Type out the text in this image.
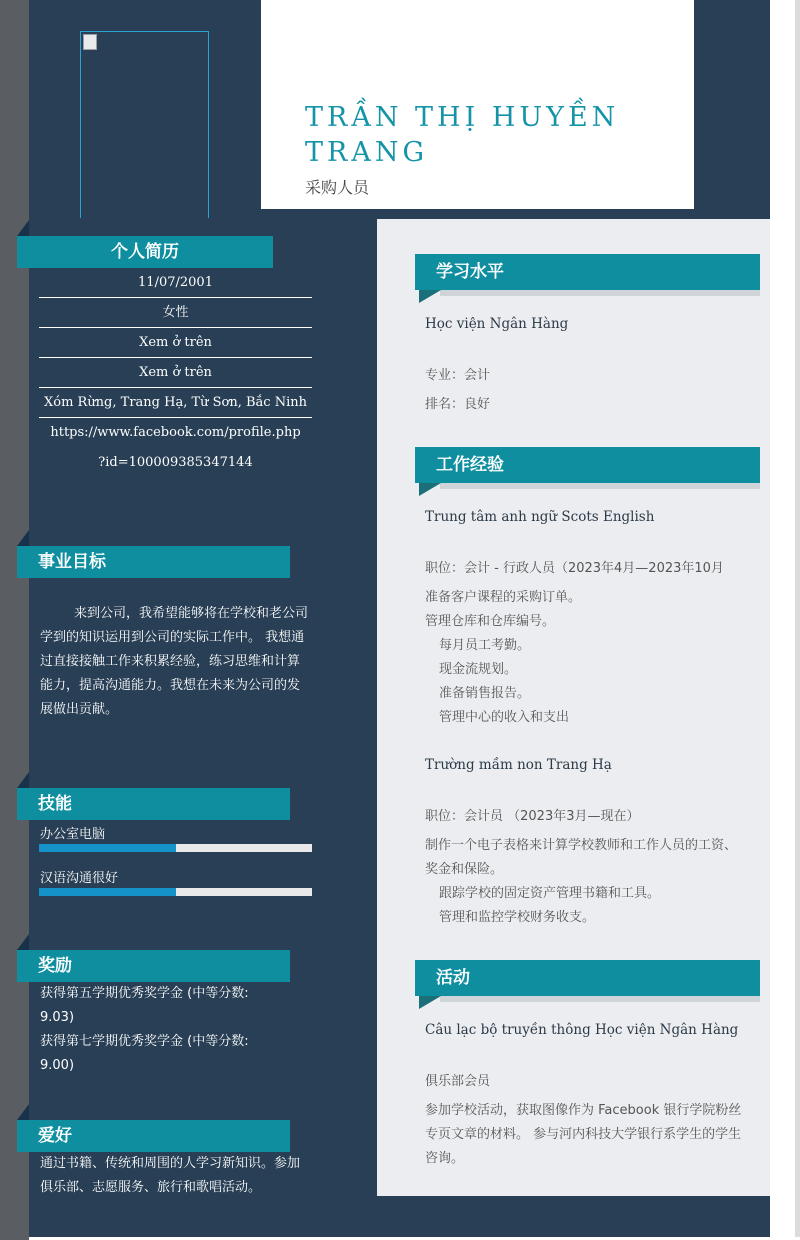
TRẦN THỊ HUYỀN TRANG
采购人员
个人简历
11/07/2001
女性
Xem ở trên
Xem ở trên
Xóm Rừng, Trang Hạ, Từ Sơn, Bắc Ninh
https://www.facebook.com/profile.php
?id=100009385347144
事业目标
来到公司，我希望能够将在学校和老公司学到的知识运用到公司的实际工作中。 我想通过直接接触工作来积累经验，练习思维和计算能力，提高沟通能力。我想在未来为公司的发展做出贡献。
技能
办公室电脑
汉语沟通很好
奖励
获得第五学期优秀奖学金 (中等分数: 9.03)
获得第七学期优秀奖学金 (中等分数: 9.00)
爱好
通过书籍、传统和周围的人学习新知识。参加俱乐部、志愿服务、旅行和歌唱活动。
学习水平
Học viện Ngân Hàng
专业：会计
排名：良好
工作经验
Trung tâm anh ngữ Scots English
职位：会计 - 行政人员（2023年4月—2023年10月
准备客户课程的采购订单。
管理仓库和仓库编号。
每月员工考勤。
现金流规划。
准备销售报告。
管理中心的收入和支出
Trường mầm non Trang Hạ
职位：会计员 （2023年3月—现在）
制作一个电子表格来计算学校教师和工作人员的工资、奖金和保险。
跟踪学校的固定资产管理书籍和工具。
管理和监控学校财务收支。
活动
Câu lạc bộ truyền thông Học viện Ngân Hàng
俱乐部会员
参加学校活动，获取图像作为 Facebook 银行学院粉丝专页文章的材料。 参与河内科技大学银行系学生的学生咨询。
